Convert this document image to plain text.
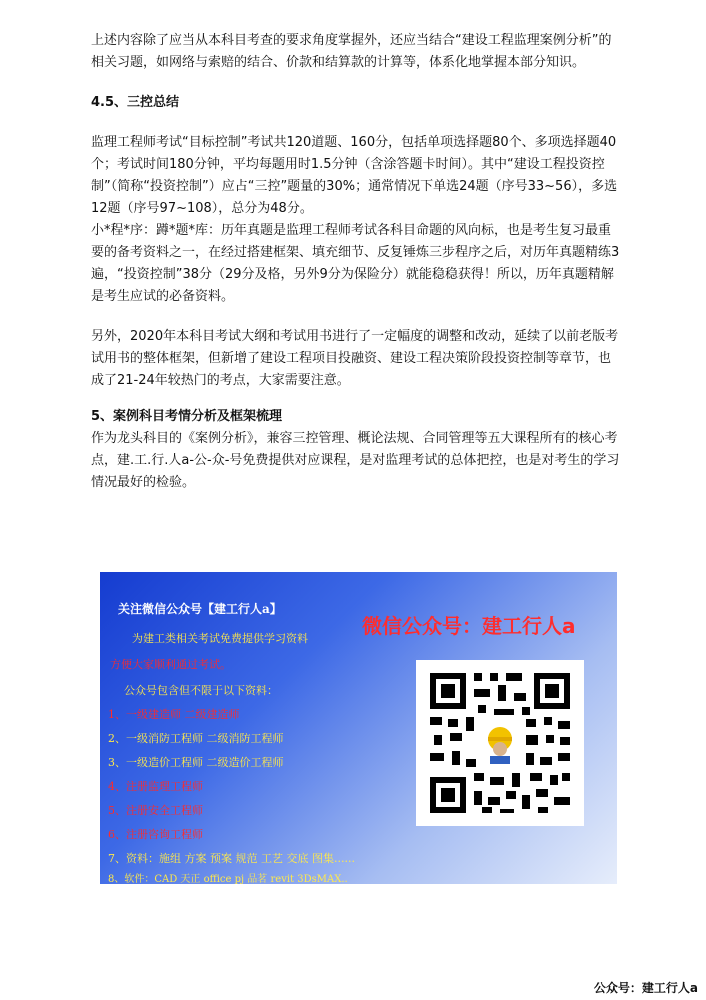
上述内容除了应当从本科目考查的要求角度掌握外，还应当结合“建设工程监理案例分析”的相关习题，如网络与索赔的结合、价款和结算款的计算等，体系化地掌握本部分知识。

4.5、三控总结

监理工程师考试“目标控制”考试共120道题、160分，包括单项选择题80个、多项选择题40个；考试时间180分钟，平均每题用时1.5分钟（含涂答题卡时间）。其中“建设工程投资控制”（简称“投资控制”）应占“三控”题量的30%；通常情况下单选24题（序号33~56），多选12题（序号97~108），总分为48分。

小*程*序：蹲*题*库：历年真题是监理工程师考试各科目命题的风向标，也是考生复习最重要的备考资料之一，在经过搭建框架、填充细节、反复锤炼三步程序之后，对历年真题精练3遍，“投资控制”38分（29分及格，另外9分为保险分）就能稳稳获得！所以，历年真题精解是考生应试的必备资料。

另外，2020年本科目考试大纲和考试用书进行了一定幅度的调整和改动，延续了以前老版考试用书的整体框架，但新增了建设工程项目投融资、建设工程决策阶段投资控制等章节，也成了21-24年较热门的考点，大家需要注意。

5、案例科目考情分析及框架梳理

作为龙头科目的《案例分析》，兼容三控管理、概论法规、合同管理等五大课程所有的核心考点，建.工.行.人a-公-众-号免费提供对应课程，是对监理考试的总体把控，也是对考生的学习情况最好的检验。

关注微信公众号【建工行人a】
为建工类相关考试免费提供学习资料
方便大家顺利通过考试。
公众号包含但不限于以下资料：
1、一级建造师 二级建造师
2、一级消防工程师 二级消防工程师
3、一级造价工程师 二级造价工程师
4、注册监理工程师
5、注册安全工程师
6、注册咨询工程师
7、资料：施组 方案 预案 规范 工艺 交底 图集......
8、软件：CAD 天正 office pj 品茗 revit 3DsMAX..
微信公众号：建工行人a
公众号：建工行人a
